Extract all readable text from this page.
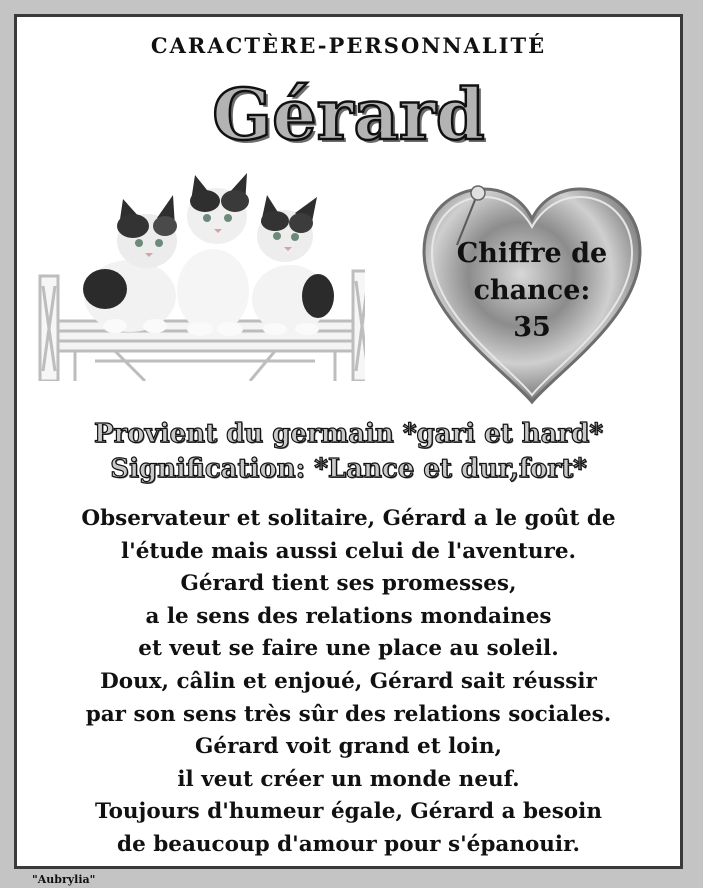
CARACTÈRE-PERSONNALITÉ
Gérard
Chiffre de
chance:
35
Provient du germain *gari et hard*
Signification: *Lance et dur,fort*
Observateur et solitaire, Gérard a le goût de
l'étude mais aussi celui de l'aventure.
Gérard tient ses promesses,
a le sens des relations mondaines
et veut se faire une place au soleil.
Doux, câlin et enjoué, Gérard sait réussir
par son sens très sûr des relations sociales.
Gérard voit grand et loin,
il veut créer un monde neuf.
Toujours d'humeur égale, Gérard a besoin
de beaucoup d'amour pour s'épanouir.
"Aubrylia"
